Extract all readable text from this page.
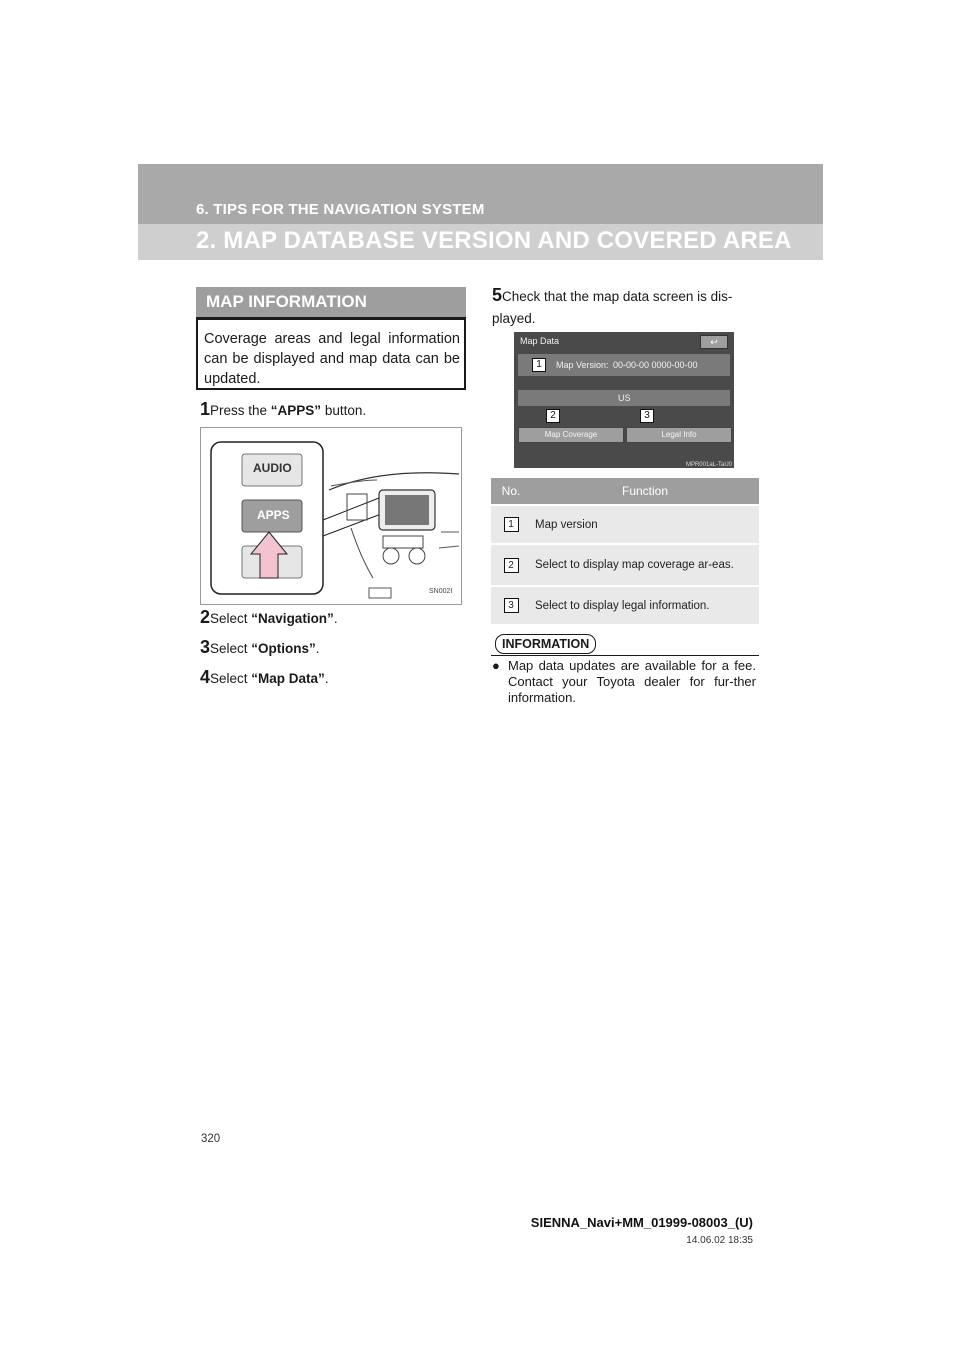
6. TIPS FOR THE NAVIGATION SYSTEM
2. MAP DATABASE VERSION AND COVERED AREA
MAP INFORMATION

Coverage areas and legal information can be displayed and map data can be updated.

1Press the “APPS” button.
AUDIO
APPS
SN002I
2Select “Navigation”.
3Select “Options”.
4Select “Map Data”.
5Check that the map data screen is dis-played.
Map Data	↩
Map Version: 00-00-00 0000-00-00
US
Map Coverage	Legal Info
1
2	3
MPR001aL-TaU0
No.	Function
1	Map version
2	Select to display map coverage ar-eas.
3	Select to display legal information.
INFORMATION
● Map data updates are available for a fee. Contact your Toyota dealer for fur-ther information.
320
SIENNA_Navi+MM_01999-08003_(U)
14.06.02 18:35
